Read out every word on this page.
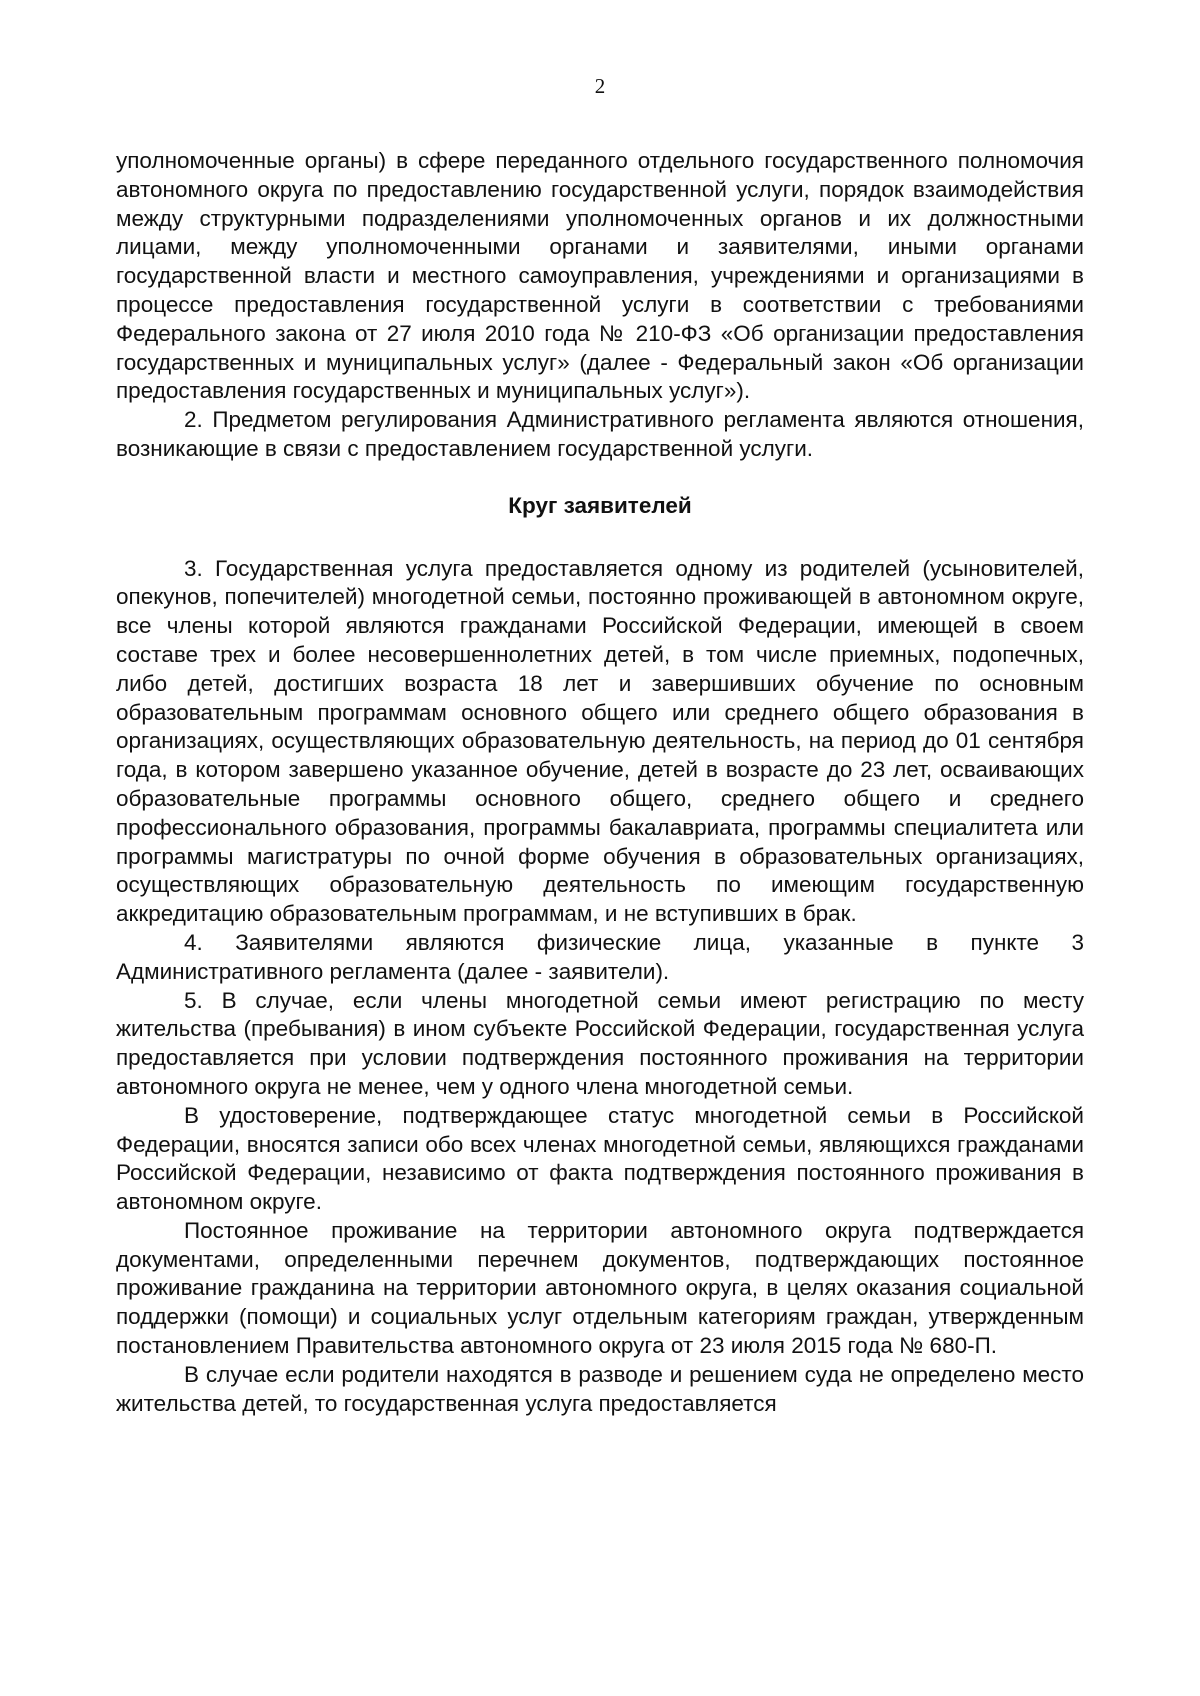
2

уполномоченные органы) в сфере переданного отдельного государственного полномочия автономного округа по предоставлению государственной услуги, порядок взаимодействия между структурными подразделениями уполномоченных органов и их должностными лицами, между уполномоченными органами и заявителями, иными органами государственной власти и местного самоуправления, учреждениями и организациями в процессе предоставления государственной услуги в соответствии с требованиями Федерального закона от 27 июля 2010 года № 210-ФЗ «Об организации предоставления государственных и муниципальных услуг» (далее - Федеральный закон «Об организации предоставления государственных и муниципальных услуг»).

2. Предметом регулирования Административного регламента являются отношения, возникающие в связи с предоставлением государственной услуги.

Круг заявителей

3. Государственная услуга предоставляется одному из родителей (усыновителей, опекунов, попечителей) многодетной семьи, постоянно проживающей в автономном округе, все члены которой являются гражданами Российской Федерации, имеющей в своем составе трех и более несовершеннолетних детей, в том числе приемных, подопечных, либо детей, достигших возраста 18 лет и завершивших обучение по основным образовательным программам основного общего или среднего общего образования в организациях, осуществляющих образовательную деятельность, на период до 01 сентября года, в котором завершено указанное обучение, детей в возрасте до 23 лет, осваивающих образовательные программы основного общего, среднего общего и среднего профессионального образования, программы бакалавриата, программы специалитета или программы магистратуры по очной форме обучения в образовательных организациях, осуществляющих образовательную деятельность по имеющим государственную аккредитацию образовательным программам, и не вступивших в брак.

4. Заявителями являются физические лица, указанные в пункте 3 Административного регламента (далее - заявители).

5. В случае, если члены многодетной семьи имеют регистрацию по месту жительства (пребывания) в ином субъекте Российской Федерации, государственная услуга предоставляется при условии подтверждения постоянного проживания на территории автономного округа не менее, чем у одного члена многодетной семьи.

В удостоверение, подтверждающее статус многодетной семьи в Российской Федерации, вносятся записи обо всех членах многодетной семьи, являющихся гражданами Российской Федерации, независимо от факта подтверждения постоянного проживания в автономном округе.

Постоянное проживание на территории автономного округа подтверждается документами, определенными перечнем документов, подтверждающих постоянное проживание гражданина на территории автономного округа, в целях оказания социальной поддержки (помощи) и социальных услуг отдельным категориям граждан, утвержденным постановлением Правительства автономного округа от 23 июля 2015 года № 680-П.

В случае если родители находятся в разводе и решением суда не определено место жительства детей, то государственная услуга предоставляется
